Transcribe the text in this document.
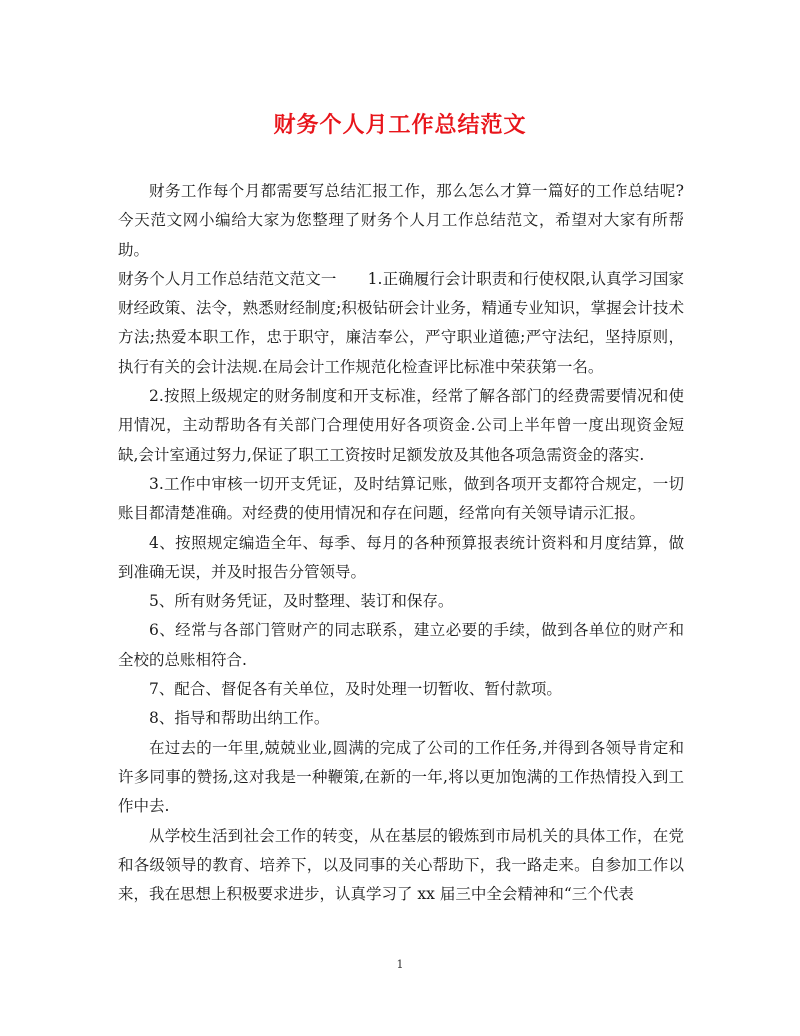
财务个人月工作总结范文

财务工作每个月都需要写总结汇报工作，那么怎么才算一篇好的工作总结呢?今天范文网小编给大家为您整理了财务个人月工作总结范文，希望对大家有所帮助。

财务个人月工作总结范文范文一　　1.正确履行会计职责和行使权限,认真学习国家财经政策、法令，熟悉财经制度;积极钻研会计业务，精通专业知识，掌握会计技术方法;热爱本职工作，忠于职守，廉洁奉公，严守职业道德;严守法纪，坚持原则，执行有关的会计法规.在局会计工作规范化检查评比标准中荣获第一名。

2.按照上级规定的财务制度和开支标准，经常了解各部门的经费需要情况和使用情况，主动帮助各有关部门合理使用好各项资金.公司上半年曾一度出现资金短缺,会计室通过努力,保证了职工工资按时足额发放及其他各项急需资金的落实.

3.工作中审核一切开支凭证，及时结算记账，做到各项开支都符合规定，一切账目都清楚准确。对经费的使用情况和存在问题，经常向有关领导请示汇报。

4、按照规定编造全年、每季、每月的各种预算报表统计资料和月度结算，做到准确无误，并及时报告分管领导。

5、所有财务凭证，及时整理、装订和保存。

6、经常与各部门管财产的同志联系，建立必要的手续，做到各单位的财产和全校的总账相符合.

7、配合、督促各有关单位，及时处理一切暂收、暂付款项。

8、指导和帮助出纳工作。

在过去的一年里,兢兢业业,圆满的完成了公司的工作任务,并得到各领导肯定和许多同事的赞扬,这对我是一种鞭策,在新的一年,将以更加饱满的工作热情投入到工作中去.

从学校生活到社会工作的转变，从在基层的锻炼到市局机关的具体工作，在党和各级领导的教育、培养下，以及同事的关心帮助下，我一路走来。自参加工作以来，我在思想上积极要求进步，认真学习了 xx 届三中全会精神和“三个代表

1
